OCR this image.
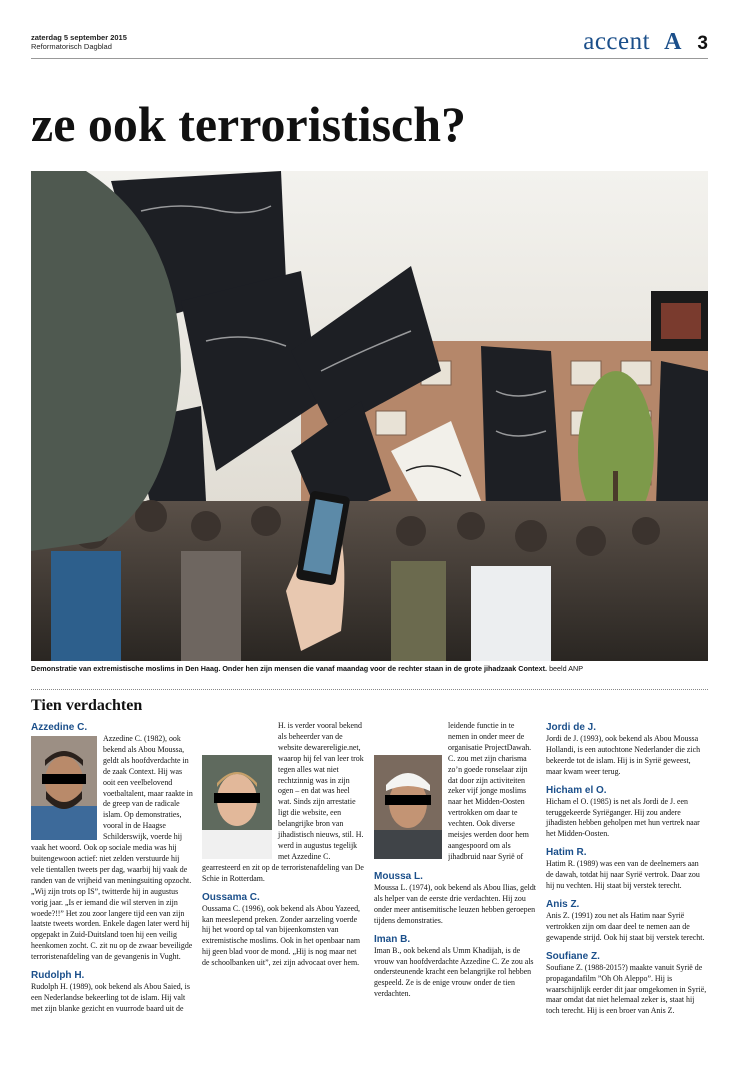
zaterdag 5 september 2015
Reformatorisch Dagblad	accent A 3
ze ook terroristisch?
Demonstratie van extremistische moslims in Den Haag. Onder hen zijn mensen die vanaf maandag voor de rechter staan in de grote jihadzaak Context. beeld ANP
Tien verdachten
Azzedine C.

Azzedine C. (1982), ook bekend als Abou Moussa, geldt als hoofdverdachte in de zaak Context. Hij was ooit een veelbelovend voetbaltalent, maar raakte in de greep van de radicale islam. Op demonstraties, vooral in de Haagse Schilderswijk, voerde hij vaak het woord. Ook op sociale media was hij buitengewoon actief: niet zelden verstuurde hij vele tientallen tweets per dag, waarbij hij vaak de randen van de vrijheid van meningsuiting opzocht.

„Wij zijn trots op IS”, twitterde hij in augustus vorig jaar. „Is er iemand die wil sterven in zijn woede?!!” Het zou zoor langere tijd een van zijn laatste tweets worden. Enkele dagen later werd hij opgepakt in Zuid-Duitsland toen hij een veilig heenkomen zocht. C. zit nu op de zwaar beveiligde terroristenafdeling van de gevangenis in Vught.

Rudolph H.

Rudolph H. (1989), ook bekend als Abou Saied, is een Nederlandse bekeerling tot de islam. Hij valt met zijn blanke gezicht en vuurrode baard uit de

H. is verder vooral bekend als beheerder van de website dewarereligie.net, waarop hij fel van leer trok tegen alles wat niet rechtzinnig was in zijn ogen – en dat was heel wat. Sinds zijn arrestatie ligt die website, een belangrijke bron van jihadistisch nieuws, stil. H. werd in augustus tegelijk met Azzedine C. gearresteerd en zit op de terroristenafdeling van De Schie in Rotterdam.

Oussama C.

Oussama C. (1996), ook bekend als Abou Yazeed, kan meeslepend preken. Zonder aarzeling voerde hij het woord op tal van bijeenkomsten van extremistische moslims. Ook in het openbaar nam hij geen blad voor de mond. „Hij is nog maar net de schoolbanken uit”, zei zijn advocaat over hem.

leidende functie in te nemen in onder meer de organisatie ProjectDawah. C. zou met zijn charisma zo’n goede ronselaar zijn dat door zijn activiteiten zeker vijf jonge moslims naar het Midden-Oosten vertrokken om daar te vechten. Ook diverse meisjes werden door hem aangespoord om als jihadbruid naar Syrië of

Moussa L.

Moussa L. (1974), ook bekend als Abou Ilias, geldt als helper van de eerste drie verdachten. Hij zou onder meer antisemitische leuzen hebben geroepen tijdens demonstraties.

Iman B.

Iman B., ook bekend als Umm Khadijah, is de vrouw van hoofdverdachte Azzedine C. Ze zou als ondersteunende kracht een belangrijke rol hebben gespeeld. Ze is de enige vrouw onder de tien verdachten.

Jordi de J.

Jordi de J. (1993), ook bekend als Abou Moussa Hollandi, is een autochtone Nederlander die zich bekeerde tot de islam. Hij is in Syrië geweest, maar kwam weer terug.

Hicham el O.

Hicham el O. (1985) is net als Jordi de J. een teruggekeerde Syriëganger. Hij zou andere jihadisten hebben geholpen met hun vertrek naar het Midden-Oosten.

Hatim R.

Hatim R. (1989) was een van de deelnemers aan de dawah, totdat hij naar Syrië vertrok. Daar zou hij nu vechten. Hij staat bij verstek terecht.

Anis Z.

Anis Z. (1991) zou net als Hatim naar Syrië vertrokken zijn om daar deel te nemen aan de gewapende strijd. Ook hij staat bij verstek terecht.

Soufiane Z.

Soufiane Z. (1988-2015?) maakte vanuit Syrië de propagandafilm ”Oh Oh Aleppo”. Hij is waarschijnlijk eerder dit jaar omgekomen in Syrië, maar omdat dat niet helemaal zeker is, staat hij toch terecht. Hij is een broer van Anis Z.
